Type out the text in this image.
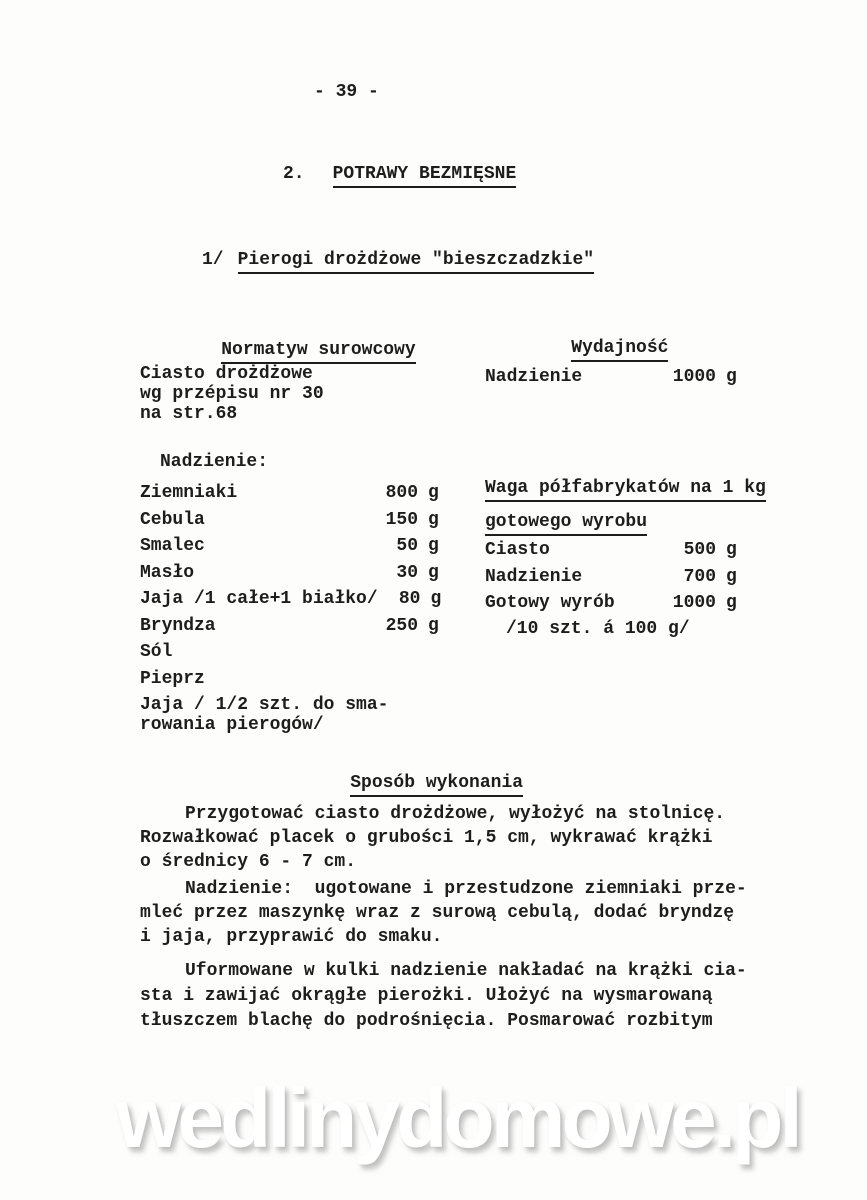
- 39 -
2.
POTRAWY BEZMIĘSNE
1/
Pierogi drożdżowe "bieszczadzkie"

Normatyw surowcowy
	Wydajność

Ciasto drożdżowe
wg przépisu nr 30
na str.68
Nadzienie	1000 g
Nadzienie:
Ziemniaki	800 g
Cebula	150 g
Smalec	50 g
Masło	30 g
Jaja /1 całe+1 białko/	80 g
Bryndza	250 g
Sól
Pieprz
Jaja / 1/2 szt. do sma-
rowania pierogów/
Waga półfabrykatów na 1 kg
gotowego wyrobu
Ciasto	500 g
Nadzienie	700 g
Gotowy wyrób	1000 g
/10 szt. á 100 g/

Sposób wykonania

Przygotować ciasto drożdżowe, wyłożyć na stolnicę.
Rozwałkować placek o grubości 1,5 cm, wykrawać krążki
o średnicy 6 - 7 cm.
Nadzienie:  ugotowane i przestudzone ziemniaki prze-
mleć przez maszynkę wraz z surową cebulą, dodać bryndzę
i jaja, przyprawić do smaku.
Uformowane w kulki nadzienie nakładać na krążki cia-
sta i zawijać okrągłe pierożki. Ułożyć na wysmarowaną
tłuszczem blachę do podrośnięcia. Posmarować rozbitym
wedlinydomowe.pl
